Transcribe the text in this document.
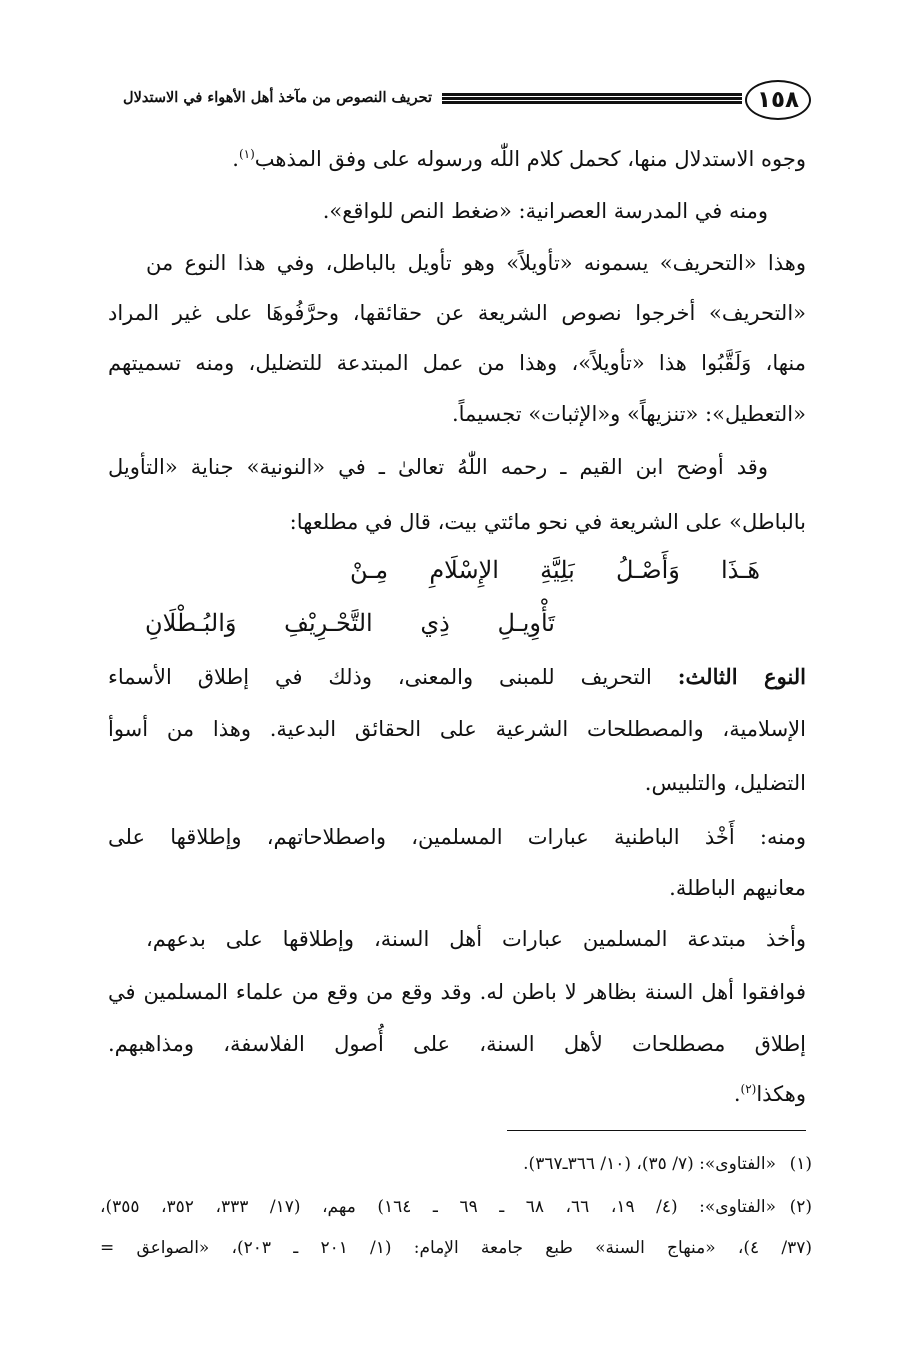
١٥٨
تحريف النصوص من مآخذ أهل الأهواء في الاستدلال
وجوه الاستدلال منها، كحمل كلام اللّٰه ورسوله على وفق المذهب$^{(١)}$.
ومنه في المدرسة العصرانية: «ضغط النص للواقع».
وهذا «التحريف» يسمونه «تأويلاً» وهو تأويل بالباطل، وفي هذا النوع من
«التحريف» أخرجوا نصوص الشريعة عن حقائقها، وحرَّفُوهَا على غير المراد
منها، وَلَقَّبُوا هذا «تأويلاً»، وهذا من عمل المبتدعة للتضليل، ومنه تسميتهم
«التعطيل»: «تنزيهاً» و«الإثبات» تجسيماً.
وقد أوضح ابن القيم ـ رحمه اللّٰهُ تعالىٰ ـ في «النونية» جناية «التأويل
بالباطل» على الشريعة في نحو مائتي بيت، قال في مطلعها:
هَـذَا وَأَصْـلُ بَلِيَّةِ الإِسْلَامِ مِـنْ
تَأْوِيـلِ ذِي التَّحْـرِيْفِ وَالبُـطْلَانِ
النوع الثالث: التحريف للمبنى والمعنى، وذلك في إطلاق الأسماء
الإسلامية، والمصطلحات الشرعية على الحقائق البدعية. وهذا من أسوأ
التضليل، والتلبيس.
ومنه: أَخْذ الباطنية عبارات المسلمين، واصطلاحاتهم، وإطلاقها على
معانيهم الباطلة.
وأخذ مبتدعة المسلمين عبارات أهل السنة، وإطلاقها على بدعهم،
فوافقوا أهل السنة بظاهر لا باطن له. وقد وقع من وقع من علماء المسلمين في
إطلاق مصطلحات لأهل السنة، على أُصول الفلاسفة، ومذاهبهم.
وهكذا$^{(٢)}$.
(١)«الفتاوى»: (٧/ ٣٥)، (١٠/ ٣٦٦ـ٣٦٧).
(٢)«الفتاوى»: (٤/ ١٩، ٦٦، ٦٨ ـ ٦٩ ـ ١٦٤) مهم، (١٧/ ٣٣٣، ٣٥٢، ٣٥٥)،
(٣٧/ ٤)، «منهاج السنة» طبع جامعة الإمام: (١/ ٢٠١ ـ ٢٠٣)، «الصواعق =
